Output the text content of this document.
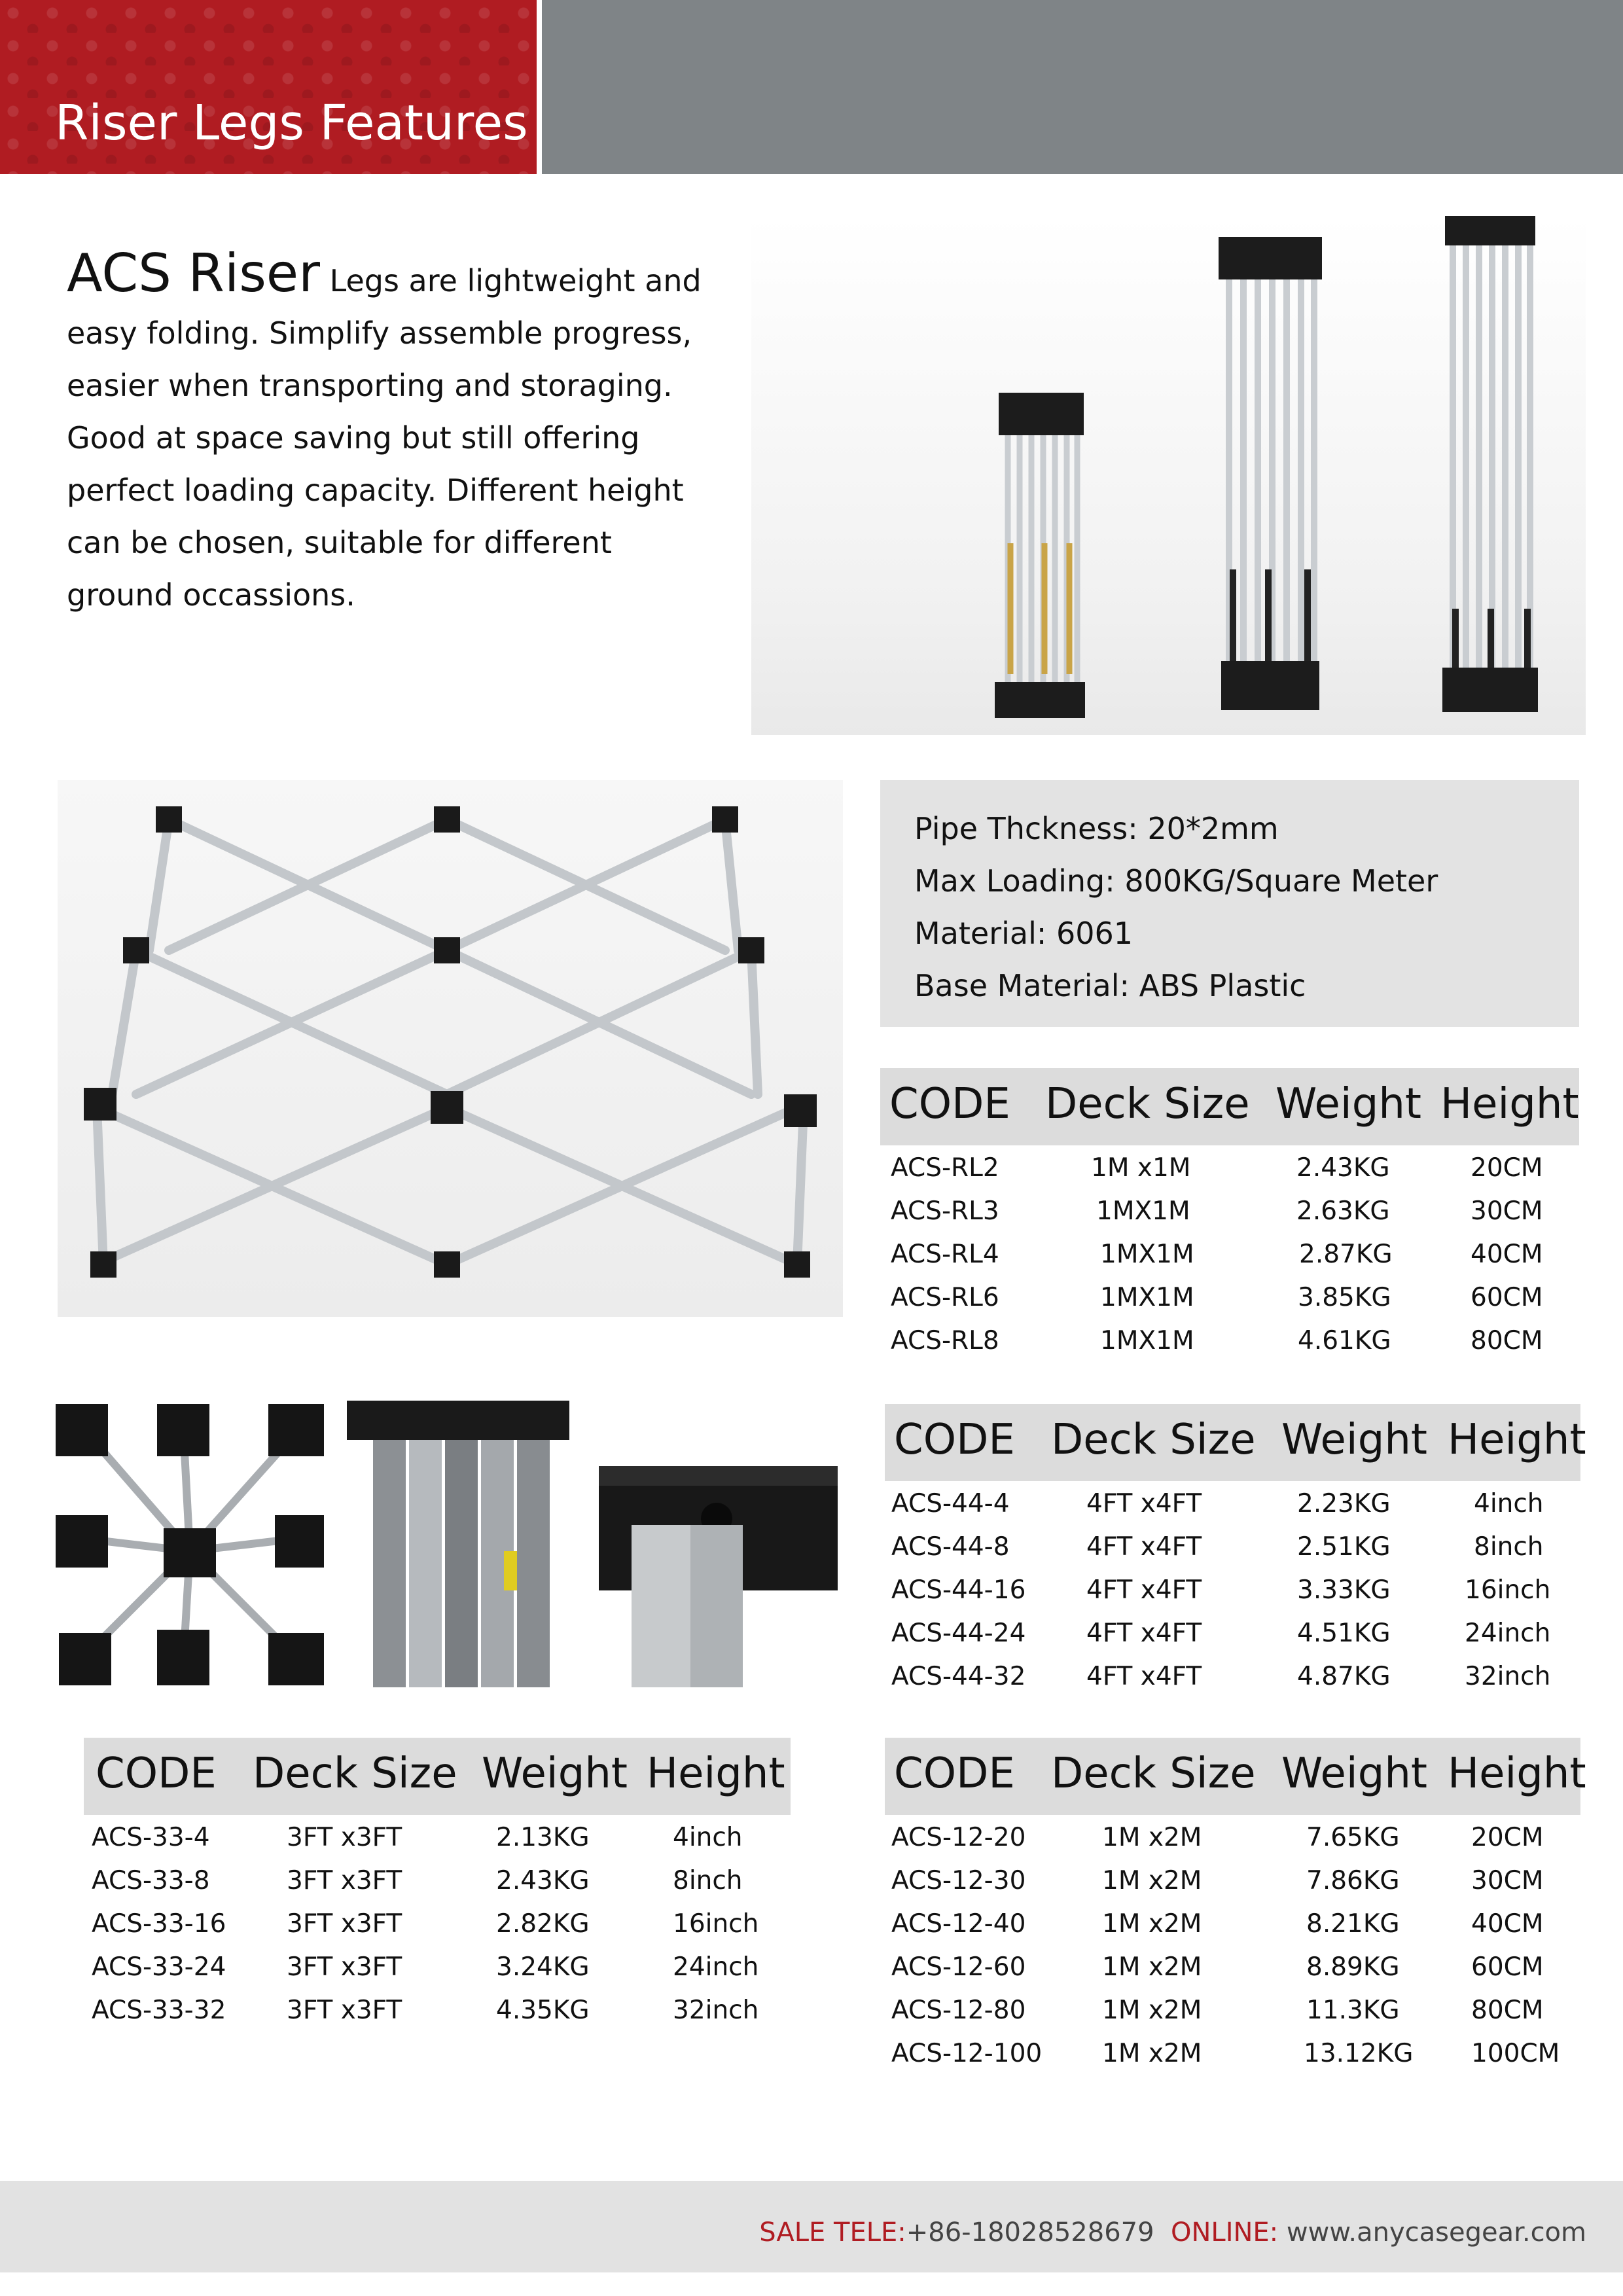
Riser Legs Features
ACS Riser Legs are lightweight and
easy folding. Simplify assemble progress,
easier when transporting and storaging.
Good at space saving but still offering
perfect loading capacity. Different height
can be chosen, suitable for different
ground occassions.
Pipe Thckness: 20*2mm
Max Loading: 800KG/Square Meter
Material: 6061
Base Material: ABS Plastic
CODE Deck Size Weight Height
ACS-RL2	1M x1M	2.43KG	20CM
ACS-RL3	1MX1M	2.63KG	30CM
ACS-RL4	1MX1M	2.87KG	40CM
ACS-RL6	1MX1M	3.85KG	60CM
ACS-RL8	1MX1M	4.61KG	80CM
CODE Deck Size Weight Height
ACS-44-4	4FT x4FT	2.23KG	4inch
ACS-44-8	4FT x4FT	2.51KG	8inch
ACS-44-16 4FT x4FT	3.33KG	16inch
ACS-44-24 4FT x4FT	4.51KG	24inch
ACS-44-32 4FT x4FT	4.87KG	32inch
CODE Deck Size Weight Height
ACS-33-4	3FT x3FT	2.13KG	4inch
ACS-33-8	3FT x3FT	2.43KG	8inch
ACS-33-16 3FT x3FT	2.82KG	16inch
ACS-33-24 3FT x3FT	3.24KG	24inch
ACS-33-32 3FT x3FT	4.35KG	32inch
CODE Deck Size Weight Height
ACS-12-20	1M x2M	7.65KG	20CM
ACS-12-30	1M x2M	7.86KG	30CM
ACS-12-40	1M x2M	8.21KG	40CM
ACS-12-60	1M x2M	8.89KG	60CM
ACS-12-80	1M x2M	11.3KG	80CM
ACS-12-100 1M x2M	13.12KG 100CM
SALE TELE:+86-18028528679 ONLINE: www.anycasegear.com
